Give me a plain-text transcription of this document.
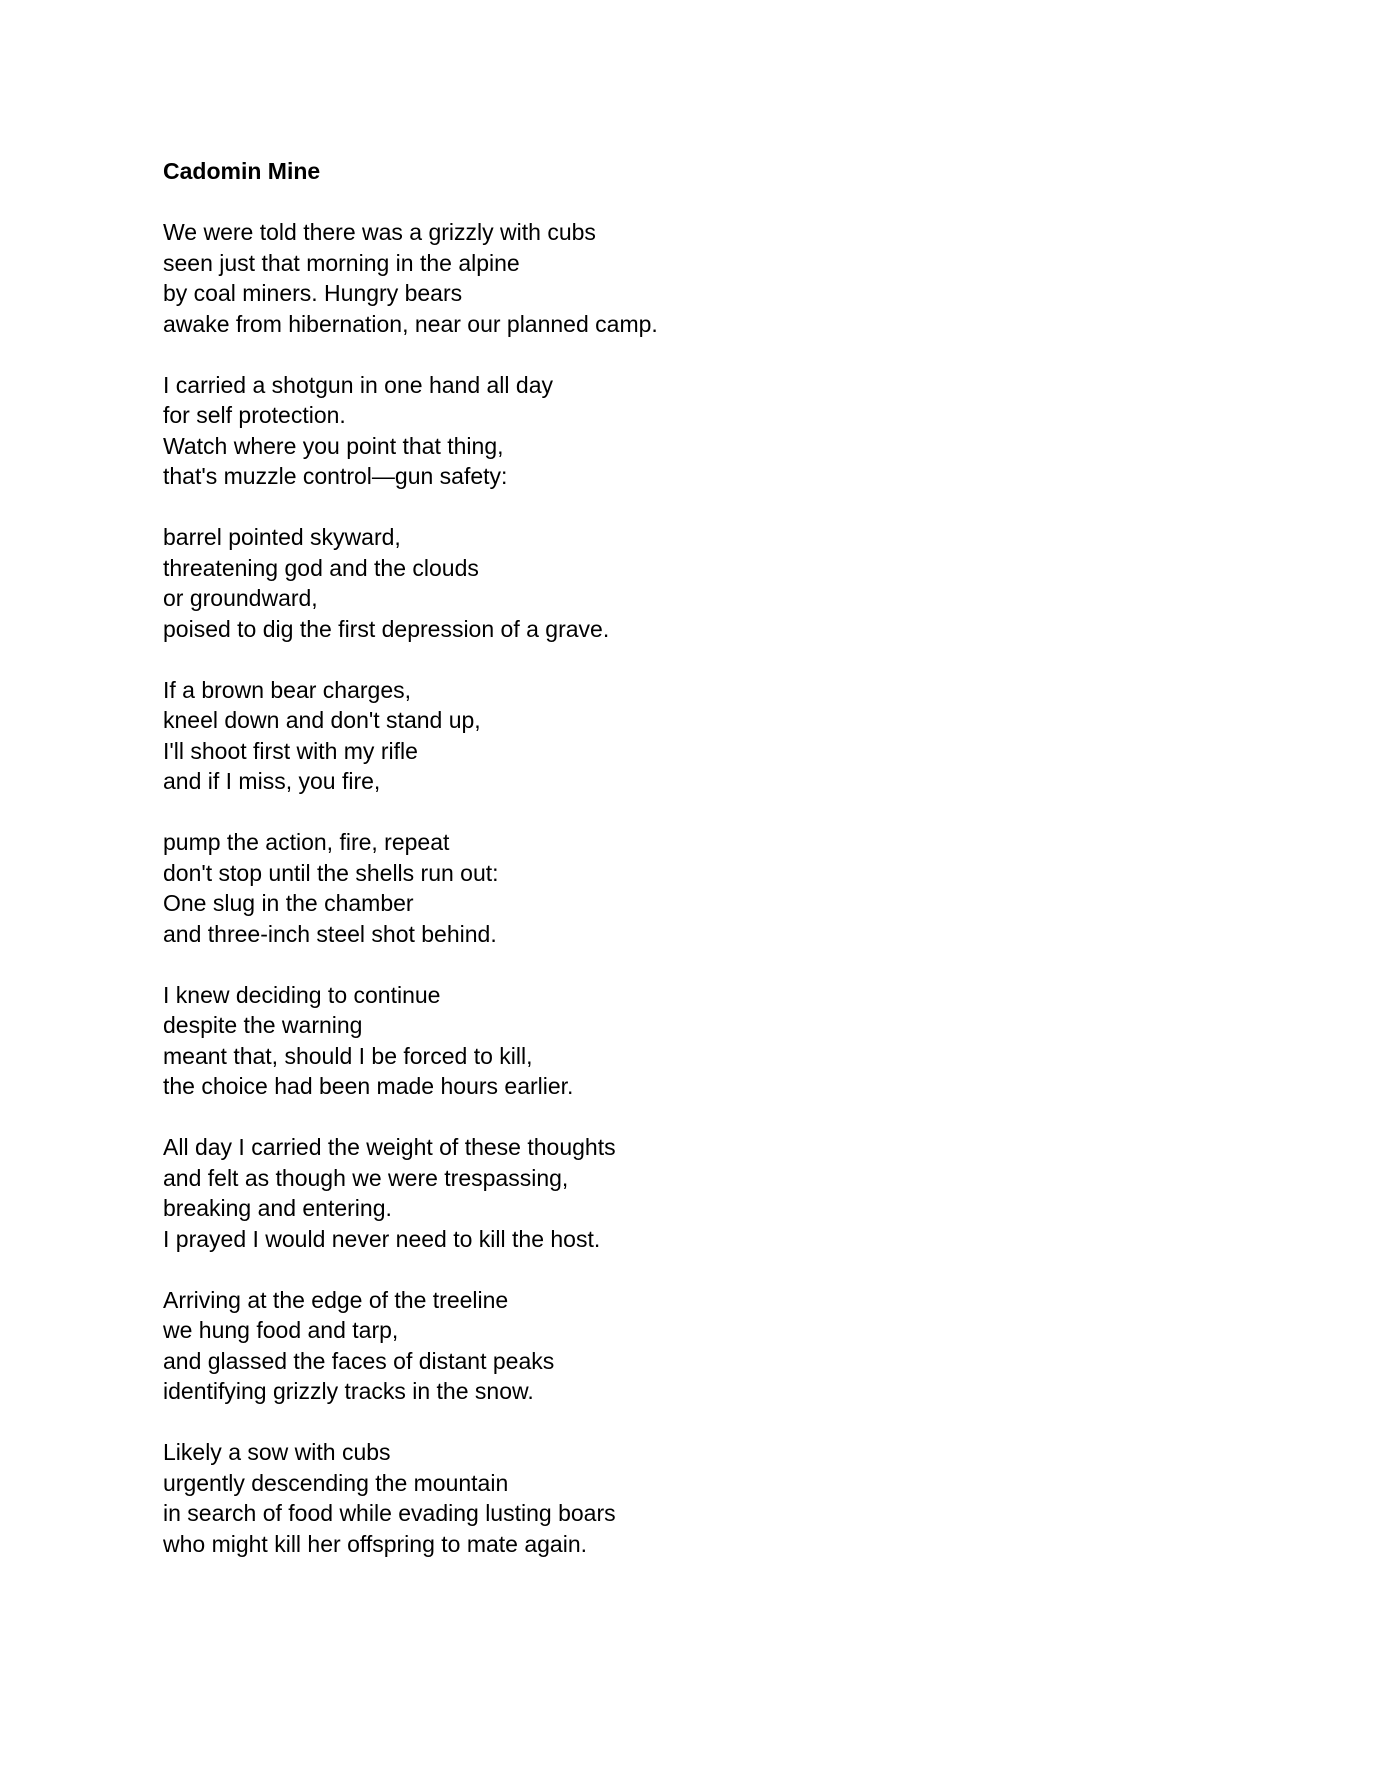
Cadomin Mine
We were told there was a grizzly with cubs
seen just that morning in the alpine
by coal miners. Hungry bears
awake from hibernation, near our planned camp.
I carried a shotgun in one hand all day
for self protection.
Watch where you point that thing,
that's muzzle control—gun safety:
barrel pointed skyward,
threatening god and the clouds
or groundward,
poised to dig the first depression of a grave.
If a brown bear charges,
kneel down and don't stand up,
I'll shoot first with my rifle
and if I miss, you fire,
pump the action, fire, repeat
don't stop until the shells run out:
One slug in the chamber
and three-inch steel shot behind.
I knew deciding to continue
despite the warning
meant that, should I be forced to kill,
the choice had been made hours earlier.
All day I carried the weight of these thoughts
and felt as though we were trespassing,
breaking and entering.
I prayed I would never need to kill the host.
Arriving at the edge of the treeline
we hung food and tarp,
and glassed the faces of distant peaks
identifying grizzly tracks in the snow.
Likely a sow with cubs
urgently descending the mountain
in search of food while evading lusting boars
who might kill her offspring to mate again.
